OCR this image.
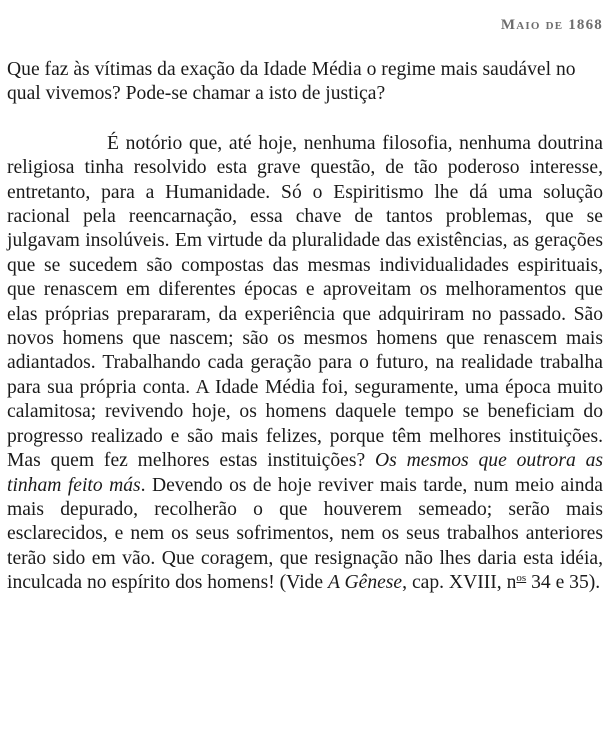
Maio de 1868

Que faz às vítimas da exação da Idade Média o regime mais saudável no qual vivemos? Pode-se chamar a isto de justiça?

É notório que, até hoje, nenhuma filosofia, nenhuma doutrina religiosa tinha resolvido esta grave questão, de tão poderoso interesse, entretanto, para a Humanidade. Só o Espiritismo lhe dá uma solução racional pela reencarnação, essa chave de tantos problemas, que se julgavam insolúveis. Em virtude da pluralidade das existências, as gerações que se sucedem são compostas das mesmas individualidades espirituais, que renascem em diferentes épocas e aproveitam os melhoramentos que elas próprias prepararam, da experiência que adquiriram no passado. São novos homens que nascem; são os mesmos homens que renascem mais adiantados. Trabalhando cada geração para o futuro, na realidade trabalha para sua própria conta. A Idade Média foi, seguramente, uma época muito calamitosa; revivendo hoje, os homens daquele tempo se beneficiam do progresso realizado e são mais felizes, porque têm melhores instituições. Mas quem fez melhores estas instituições? Os mesmos que outrora as tinham feito más. Devendo os de hoje reviver mais tarde, num meio ainda mais depurado, recolherão o que houverem semeado; serão mais esclarecidos, e nem os seus sofrimentos, nem os seus trabalhos anteriores terão sido em vão. Que coragem, que resignação não lhes daria esta idéia, inculcada no espírito dos homens! (Vide A Gênese, cap. XVIII, $n^{os}$ 34 e 35).
